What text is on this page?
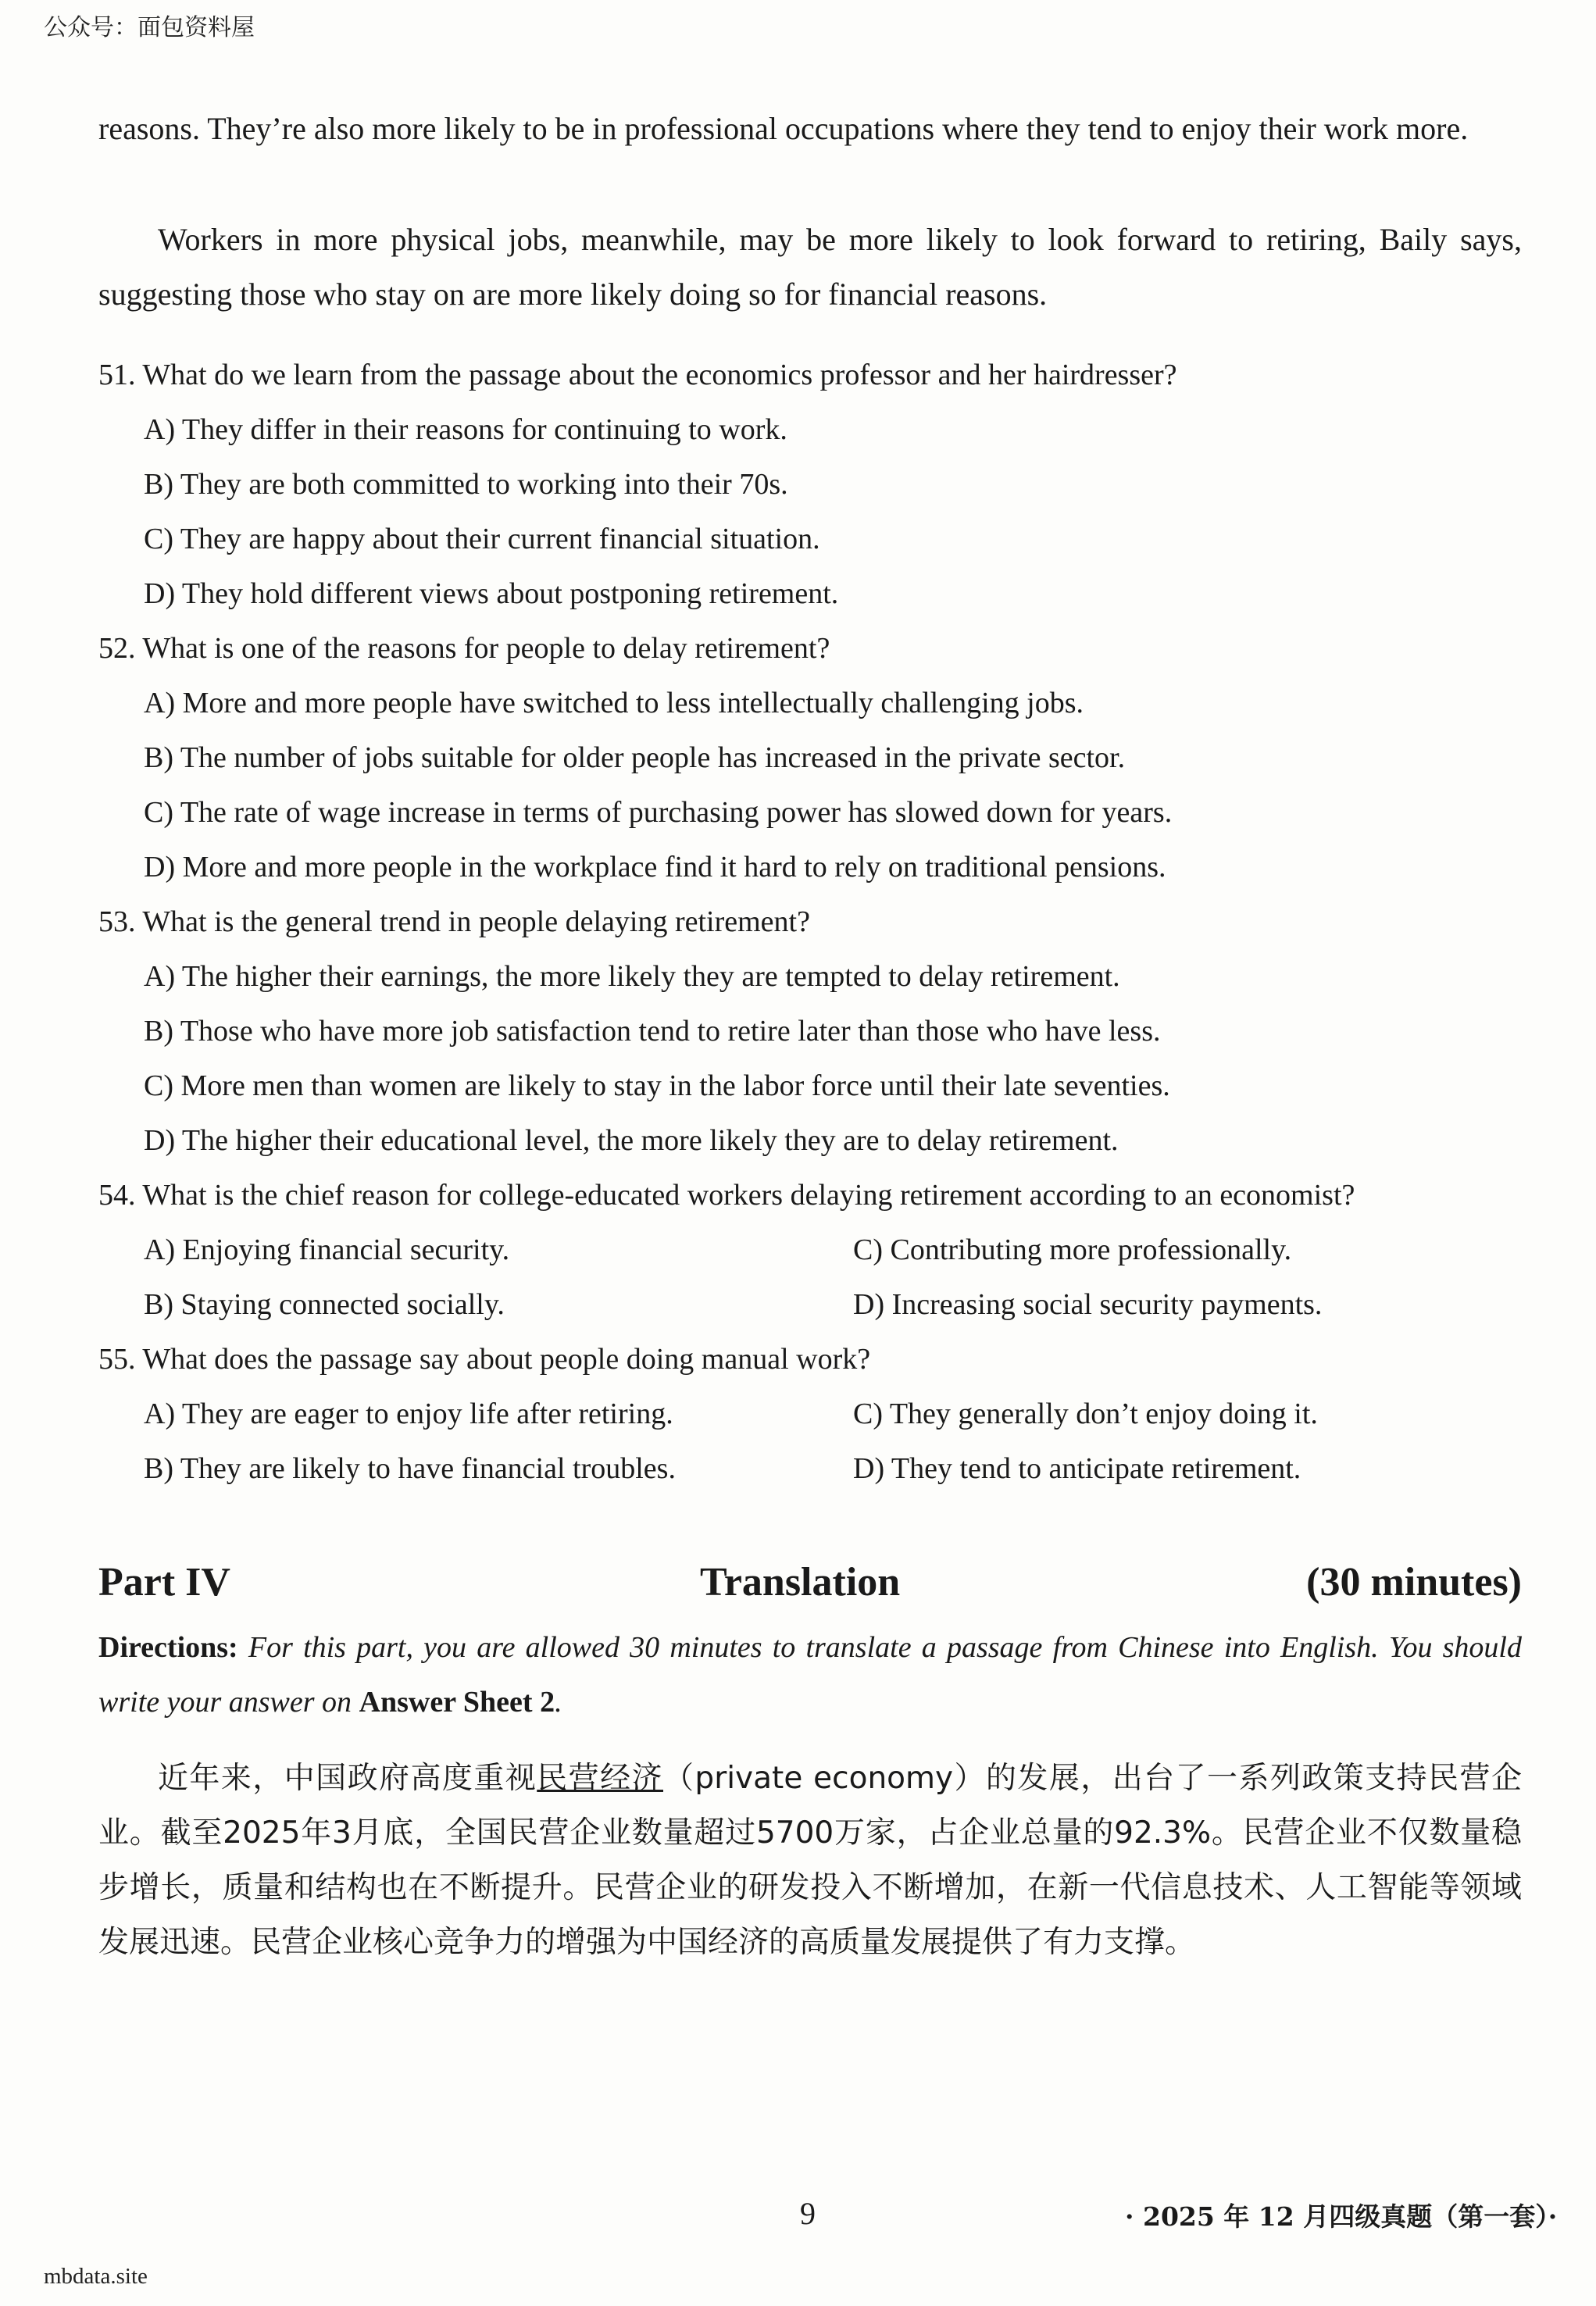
公众号：面包资料屋
reasons. They’re also more likely to be in professional occupations where they tend to enjoy their work more.
Workers in more physical jobs, meanwhile, may be more likely to look forward to retiring, Baily says, suggesting those who stay on are more likely doing so for financial reasons.
51. What do we learn from the passage about the economics professor and her hairdresser?
A) They differ in their reasons for continuing to work.
B) They are both committed to working into their 70s.
C) They are happy about their current financial situation.
D) They hold different views about postponing retirement.
52. What is one of the reasons for people to delay retirement?
A) More and more people have switched to less intellectually challenging jobs.
B) The number of jobs suitable for older people has increased in the private sector.
C) The rate of wage increase in terms of purchasing power has slowed down for years.
D) More and more people in the workplace find it hard to rely on traditional pensions.
53. What is the general trend in people delaying retirement?
A) The higher their earnings, the more likely they are tempted to delay retirement.
B) Those who have more job satisfaction tend to retire later than those who have less.
C) More men than women are likely to stay in the labor force until their late seventies.
D) The higher their educational level, the more likely they are to delay retirement.
54. What is the chief reason for college-educated workers delaying retirement according to an economist?
A) Enjoying financial security.	C) Contributing more professionally.
B) Staying connected socially.	D) Increasing social security payments.
55. What does the passage say about people doing manual work?
A) They are eager to enjoy life after retiring.	C) They generally don’t enjoy doing it.
B) They are likely to have financial troubles.	D) They tend to anticipate retirement.
Part IV	Translation	(30 minutes)
Directions: For this part, you are allowed 30 minutes to translate a passage from Chinese into English. You should write your answer on Answer Sheet 2.
近年来，中国政府高度重视民营经济（private economy）的发展，出台了一系列政策支持民营企业。截至2025年3月底，全国民营企业数量超过5700万家，占企业总量的92.3%。民营企业不仅数量稳步增长，质量和结构也在不断提升。民营企业的研发投入不断增加，在新一代信息技术、人工智能等领域发展迅速。民营企业核心竞争力的增强为中国经济的高质量发展提供了有力支撑。
9	· 2025 年 12 月四级真题（第一套）·
mbdata.site
